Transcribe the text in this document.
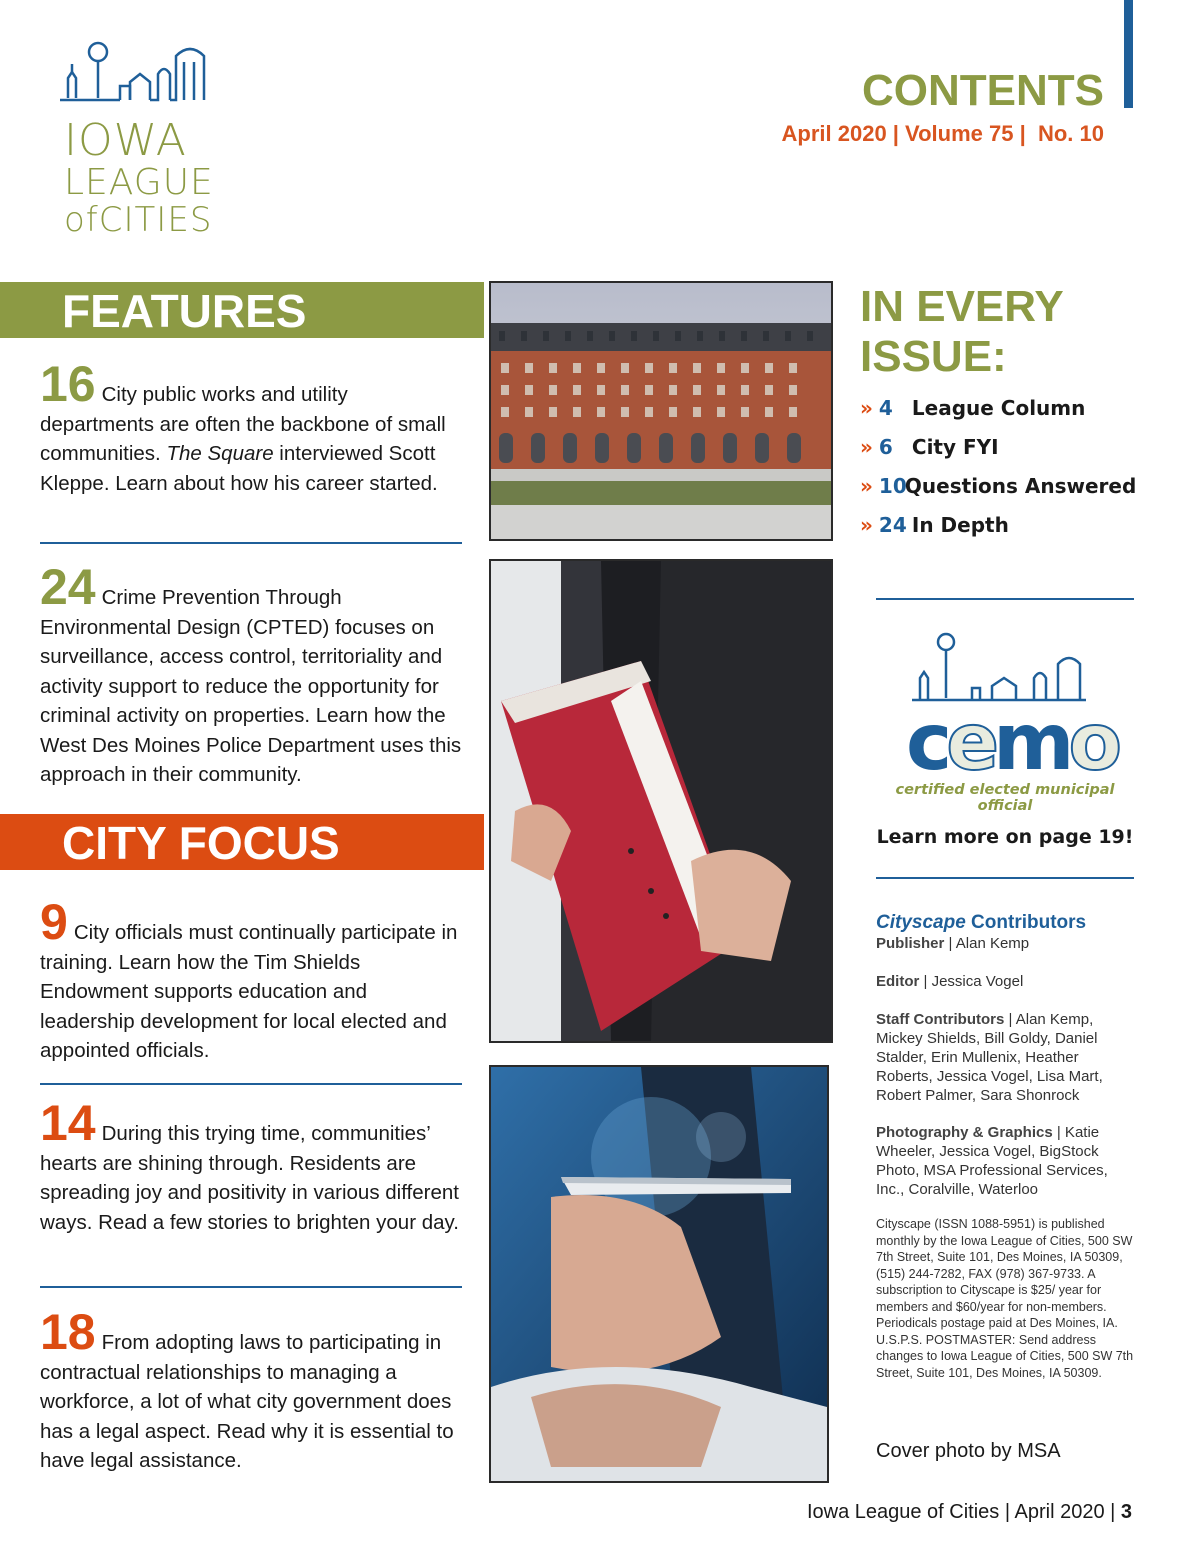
IOWA
LEAGUE
ofCITIES
CONTENTS
April 2020 | Volume 75 |  No. 10
FEATURES
16 City public works and utility departments are often the backbone of small communities. The Square interviewed Scott Kleppe. Learn about how his career started.
24 Crime Prevention Through Environmental Design (CPTED) focuses on surveillance, access control, territoriality and activity support to reduce the opportunity for criminal activity on properties. Learn how the West Des Moines Police Department uses this approach in their community.
CITY FOCUS
9 City officials must continually participate in training. Learn how the Tim Shields Endowment supports education and leadership development for local elected and appointed officials.
14 During this trying time, communities’ hearts are shining through. Residents are spreading joy and positivity in various different ways. Read a few stories to brighten your day.
18 From adopting laws to participating in contractual relationships to managing a workforce, a lot of what city government does has a legal aspect. Read why it is essential to have legal assistance.
IN EVERY ISSUE:
» 4 League Column
» 6 City FYI
» 10Questions Answered
» 24 In Depth
cemo
certified elected municipal official
Learn more on page 19!
Cityscape Contributors
Publisher | Alan Kemp
Editor | Jessica Vogel
Staff Contributors | Alan Kemp, Mickey Shields, Bill Goldy, Daniel Stalder, Erin Mullenix, Heather Roberts, Jessica Vogel, Lisa Mart, Robert Palmer, Sara Shonrock
Photography & Graphics | Katie Wheeler, Jessica Vogel, BigStock Photo, MSA Professional Services, Inc., Coralville, Waterloo
Cityscape (ISSN 1088-5951) is published monthly by the Iowa League of Cities, 500 SW 7th Street, Suite 101, Des Moines, IA 50309, (515) 244-7282, FAX (978) 367-9733. A subscription to Cityscape is $25/ year for members and $60/year for non-members. Periodicals postage paid at Des Moines, IA. U.S.P.S. POSTMASTER: Send address changes to Iowa League of Cities, 500 SW 7th Street, Suite 101, Des Moines, IA 50309.
Cover photo by MSA
Iowa League of Cities | April 2020 | 3
